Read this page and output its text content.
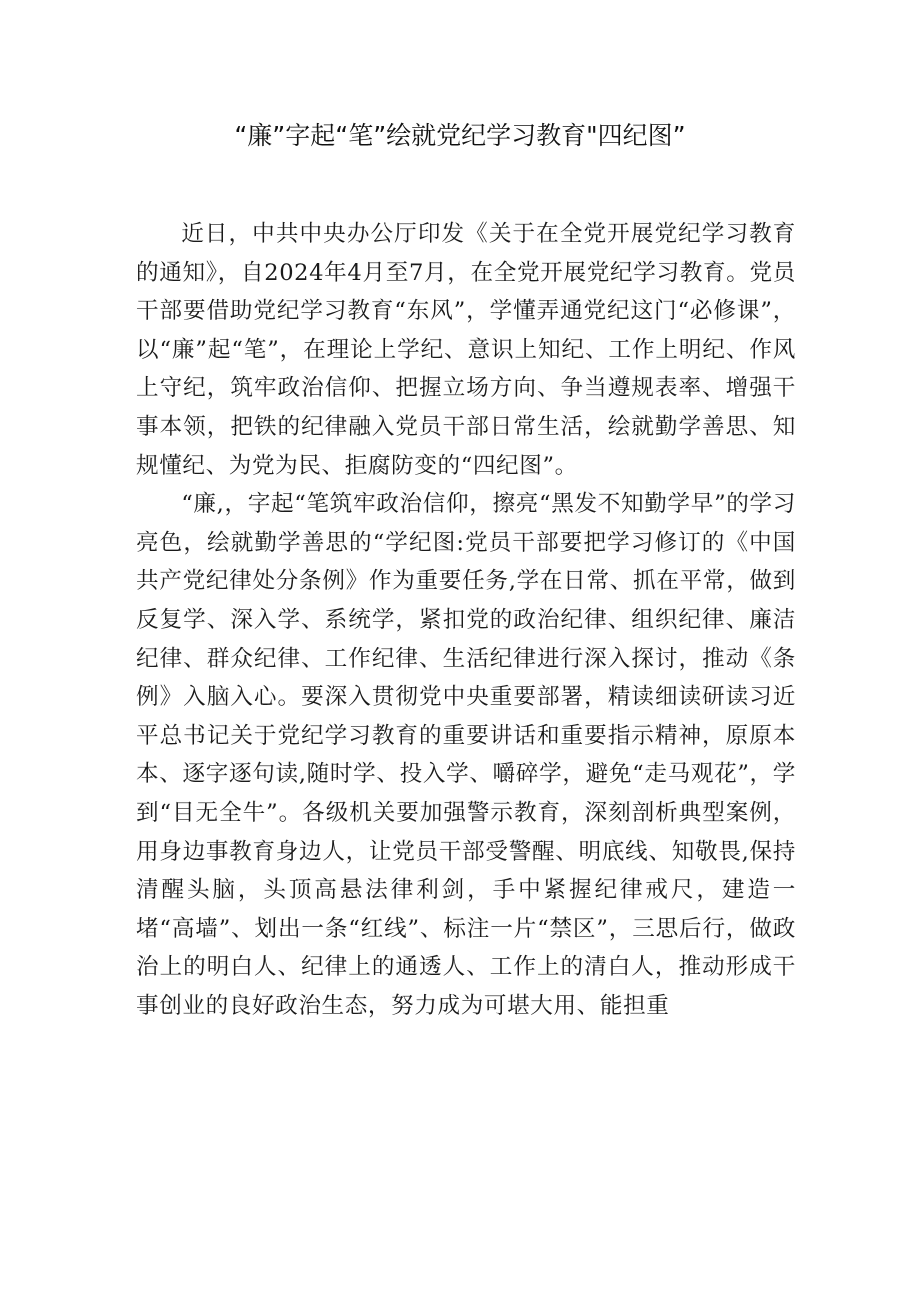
“廉”字起“笔”绘就党纪学习教育"四纪图”

近日，中共中央办公厅印发《关于在全党开展党纪学习教育的通知》，自2024年4月至7月，在全党开展党纪学习教育。党员干部要借助党纪学习教育“东风”，学懂弄通党纪这门“必修课”，以“廉”起“笔”，在理论上学纪、意识上知纪、工作上明纪、作风上守纪，筑牢政治信仰、把握立场方向、争当遵规表率、增强干事本领，把铁的纪律融入党员干部日常生活，绘就勤学善思、知规懂纪、为党为民、拒腐防变的“四纪图”。

“廉,，字起“笔筑牢政治信仰，擦亮“黑发不知勤学早”的学习亮色，绘就勤学善思的“学纪图:党员干部要把学习修订的《中国共产党纪律处分条例》作为重要任务,学在日常、抓在平常，做到反复学、深入学、系统学，紧扣党的政治纪律、组织纪律、廉洁纪律、群众纪律、工作纪律、生活纪律进行深入探讨，推动《条例》入脑入心。要深入贯彻党中央重要部署，精读细读研读习近平总书记关于党纪学习教育的重要讲话和重要指示精神，原原本本、逐字逐句读,随时学、投入学、嚼碎学，避免“走马观花”，学到“目无全牛”。各级机关要加强警示教育，深刻剖析典型案例，用身边事教育身边人，让党员干部受警醒、明底线、知敬畏,保持清醒头脑，头顶高悬法律利剑，手中紧握纪律戒尺，建造一堵“高墙”、划出一条“红线”、标注一片“禁区”，三思后行，做政治上的明白人、纪律上的通透人、工作上的清白人，推动形成干事创业的良好政治生态，努力成为可堪大用、能担重
